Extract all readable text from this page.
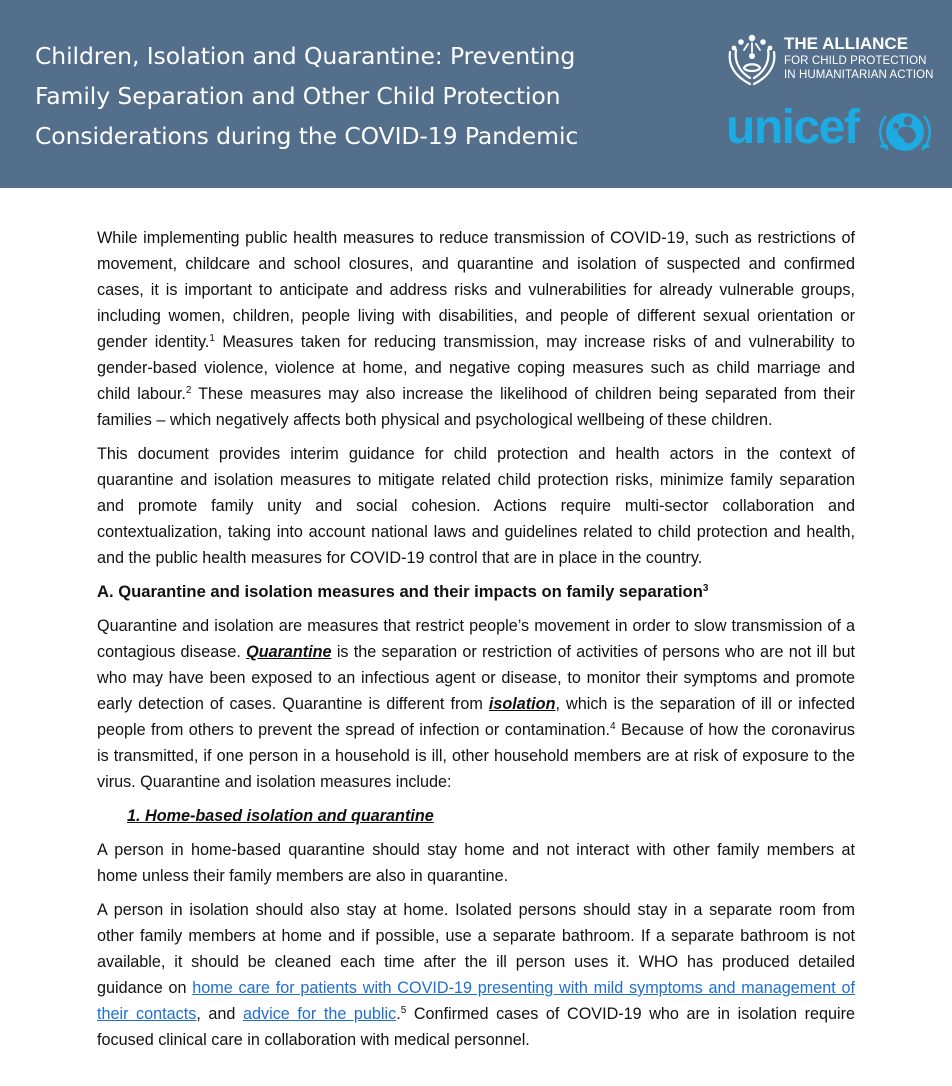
Children, Isolation and Quarantine: Preventing
Family Separation and Other Child Protection
Considerations during the COVID-19 Pandemic
THE ALLIANCE
FOR CHILD PROTECTION
IN HUMANITARIAN ACTION
unicef

While implementing public health measures to reduce transmission of COVID-19, such as restrictions of movement, childcare and school closures, and quarantine and isolation of suspected and confirmed cases, it is important to anticipate and address risks and vulnerabilities for already vulnerable groups, including women, children, people living with disabilities, and people of different sexual orientation or gender identity.$^1$ Measures taken for reducing transmission, may increase risks of and vulnerability to gender-based violence, violence at home, and negative coping measures such as child marriage and child labour.$^2$ These measures may also increase the likelihood of children being separated from their families – which negatively affects both physical and psychological wellbeing of these children.

This document provides interim guidance for child protection and health actors in the context of quarantine and isolation measures to mitigate related child protection risks, minimize family separation and promote family unity and social cohesion. Actions require multi-sector collaboration and contextualization, taking into account national laws and guidelines related to child protection and health, and the public health measures for COVID-19 control that are in place in the country.

A. Quarantine and isolation measures and their impacts on family separation$^3$

Quarantine and isolation are measures that restrict people’s movement in order to slow transmission of a contagious disease. Quarantine is the separation or restriction of activities of persons who are not ill but who may have been exposed to an infectious agent or disease, to monitor their symptoms and promote early detection of cases. Quarantine is different from isolation, which is the separation of ill or infected people from others to prevent the spread of infection or contamination.$^4$ Because of how the coronavirus is transmitted, if one person in a household is ill, other household members are at risk of exposure to the virus. Quarantine and isolation measures include:

1. Home-based isolation and quarantine

A person in home-based quarantine should stay home and not interact with other family members at home unless their family members are also in quarantine.

A person in isolation should also stay at home. Isolated persons should stay in a separate room from other family members at home and if possible, use a separate bathroom. If a separate bathroom is not available, it should be cleaned each time after the ill person uses it. WHO has produced detailed guidance on home care for patients with COVID-19 presenting with mild symptoms and management of their contacts, and advice for the public.$^5$ Confirmed cases of COVID-19 who are in isolation require focused clinical care in collaboration with medical personnel.
